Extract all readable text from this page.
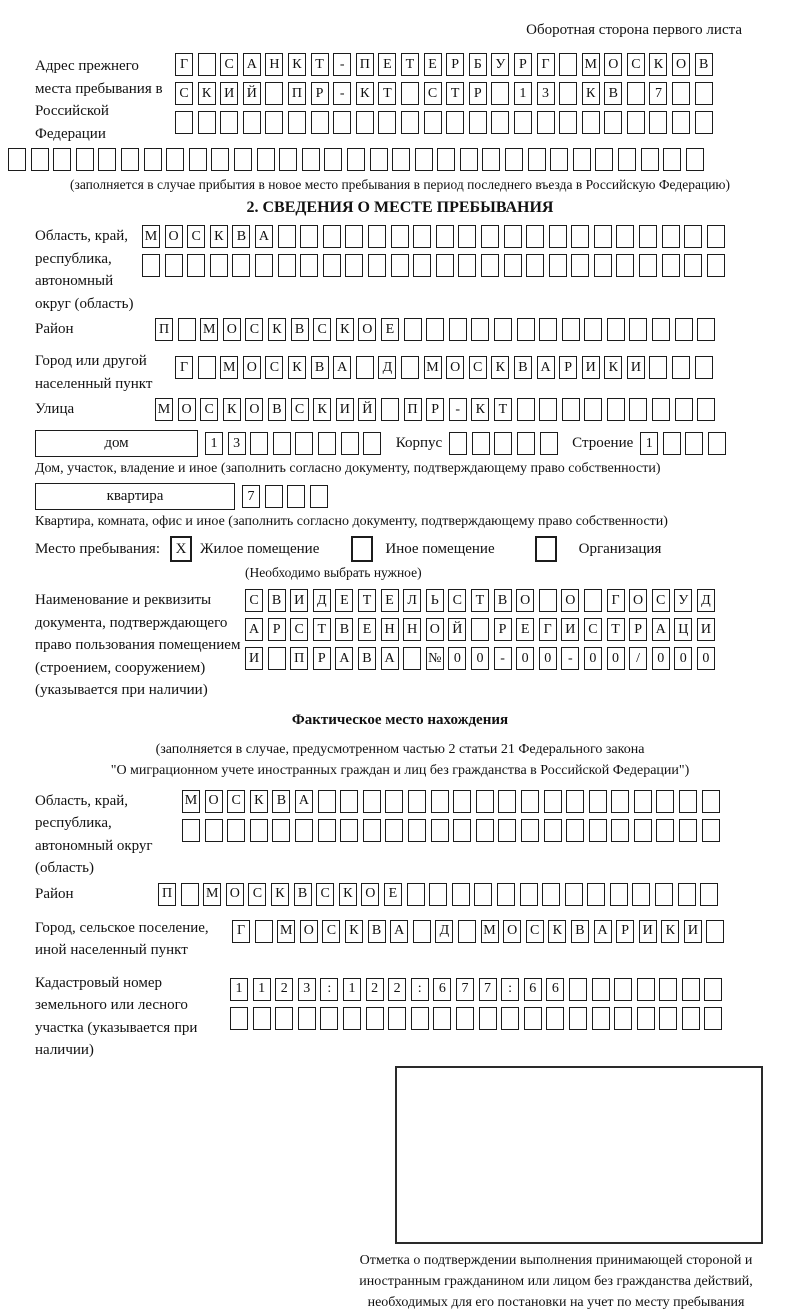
Оборотная сторона первого листа
Адрес прежнего места пребывания в Российской Федерации
Г	С А Н К Т	-	П Е	Т	Е	Р	Б У Р	Г	М О С К О В
С К И Й	П Р	-	К Т	С Т	Р	1	3	К В	7
(заполняется в случае прибытия в новое место пребывания в период последнего въезда в Российскую Федерацию)
2. СВЕДЕНИЯ О МЕСТЕ ПРЕБЫВАНИЯ
Область, край, республика, автономный округ (область)
М О С К В А
Район	П М О С К В С К О Е
Город или другой населенный пункт
Г	М О С К В А	Д	М О С К В А Р И К И
Улица	М О С К О В С К И Й	П Р	-	К Т
дом	1	3	Корпус	Строение 1
Дом, участок, владение и иное (заполнить согласно документу, подтверждающему право собственности)
квартира	7
Квартира, комната, офис и иное (заполнить согласно документу, подтверждающему право собственности)
Место пребывания:	X Жилое помещение	Иное помещение	Организация
(Необходимо выбрать нужное)
Наименование и реквизиты документа, подтверждающего право пользования помещением (строением, сооружением) (указывается при наличии)
С В И Д Е	Т	Е Л Ь С Т В О	О	Г О С У Д
А Р	С Т В Е Н Н О Й	Р	Е	Г И С Т	Р А Ц И
И	П Р А В А № 0	0	-	0	0	-	0	0	/	0	0	0
Фактическое место нахождения
(заполняется в случае, предусмотренном частью 2 статьи 21 Федерального закона
"О миграционном учете иностранных граждан и лиц без гражданства в Российской Федерации")
Область, край, республика, автономный округ (область)
М О С К В А
Район	П М О С К В С К О Е
Город, сельское поселение, иной населенный пункт
Г	М О С К В А	Д	М О С К В А Р И К И
Кадастровый номер земельного или лесного участка (указывается при наличии)
1	1	2	3	:	1	2	2	:	6	7	7	:	6	6
Отметка о подтверждении выполнения принимающей стороной и иностранным гражданином или лицом без гражданства действий, необходимых для его постановки на учет по месту пребывания
